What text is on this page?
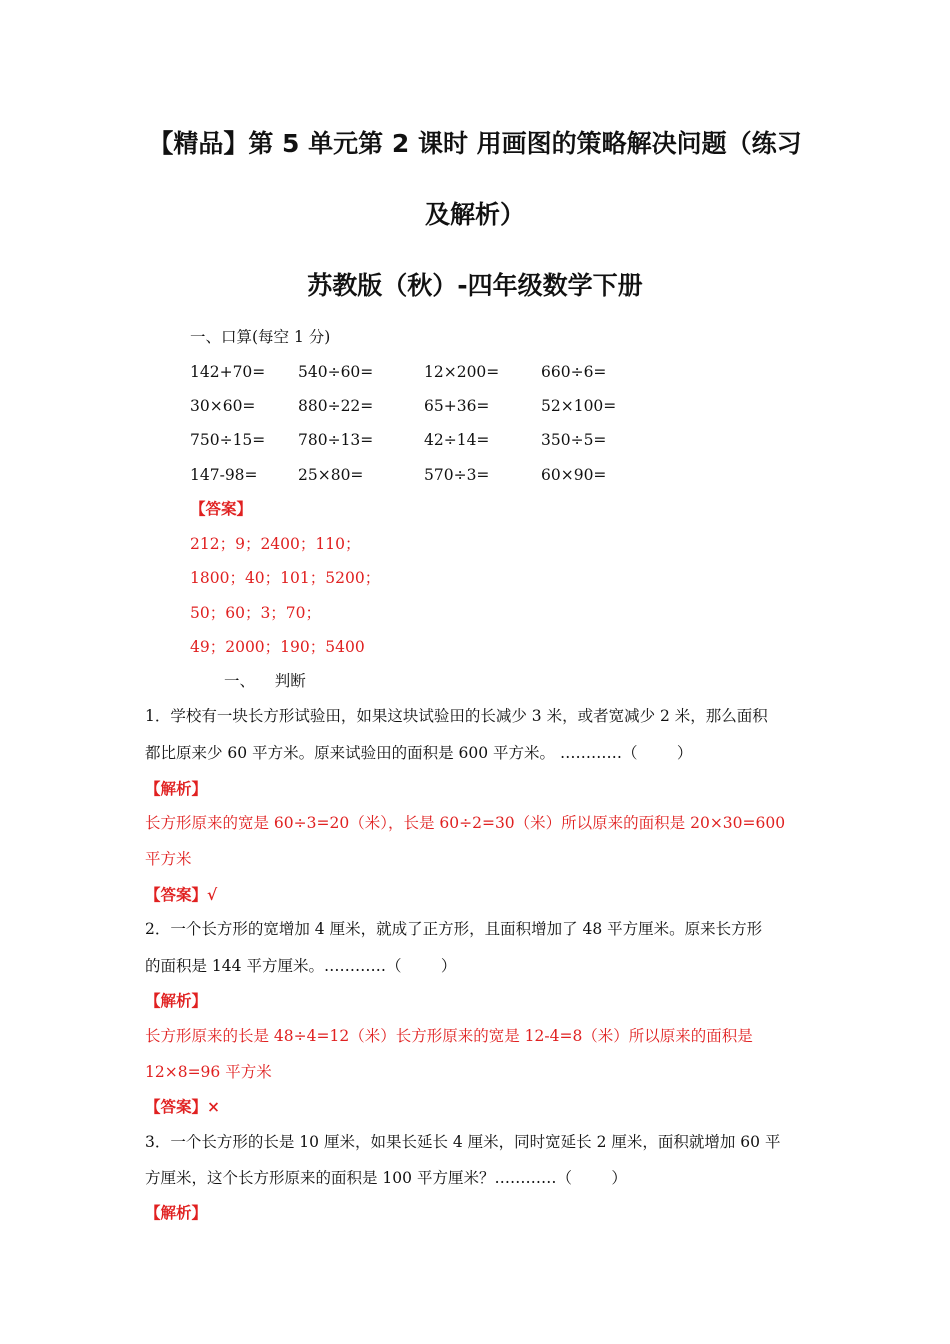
【精品】第 5 单元第 2 课时 用画图的策略解决问题（练习
及解析）
苏教版（秋）-四年级数学下册
一、口算(每空 1 分)
142+70= 540÷60=	12×200=	660÷6=
30×60=	880÷22=	65+36=	52×100=
750÷15= 780÷13=	42÷14=	350÷5=
147-98=	25×80=	570÷3=	60×90=
【答案】
212；9；2400；110；
1800；40；101；5200；
50；60；3；70；
49；2000；190；5400
一、    判断
1．学校有一块长方形试验田，如果这块试验田的长减少 3 米，或者宽减少 2 米，那么面积
都比原来少 60 平方米。原来试验田的面积是 600 平方米。 …………（        ）
【解析】
长方形原来的宽是 60÷3=20（米），长是 60÷2=30（米）所以原来的面积是 20×30=600
平方米
【答案】√
2．一个长方形的宽增加 4 厘米，就成了正方形，且面积增加了 48 平方厘米。原来长方形
的面积是 144 平方厘米。…………（        ）
【解析】
长方形原来的长是 48÷4=12（米）长方形原来的宽是 12-4=8（米）所以原来的面积是
12×8=96 平方米
【答案】×
3．一个长方形的长是 10 厘米，如果长延长 4 厘米，同时宽延长 2 厘米，面积就增加 60 平
方厘米，这个长方形原来的面积是 100 平方厘米？…………（        ）
【解析】
